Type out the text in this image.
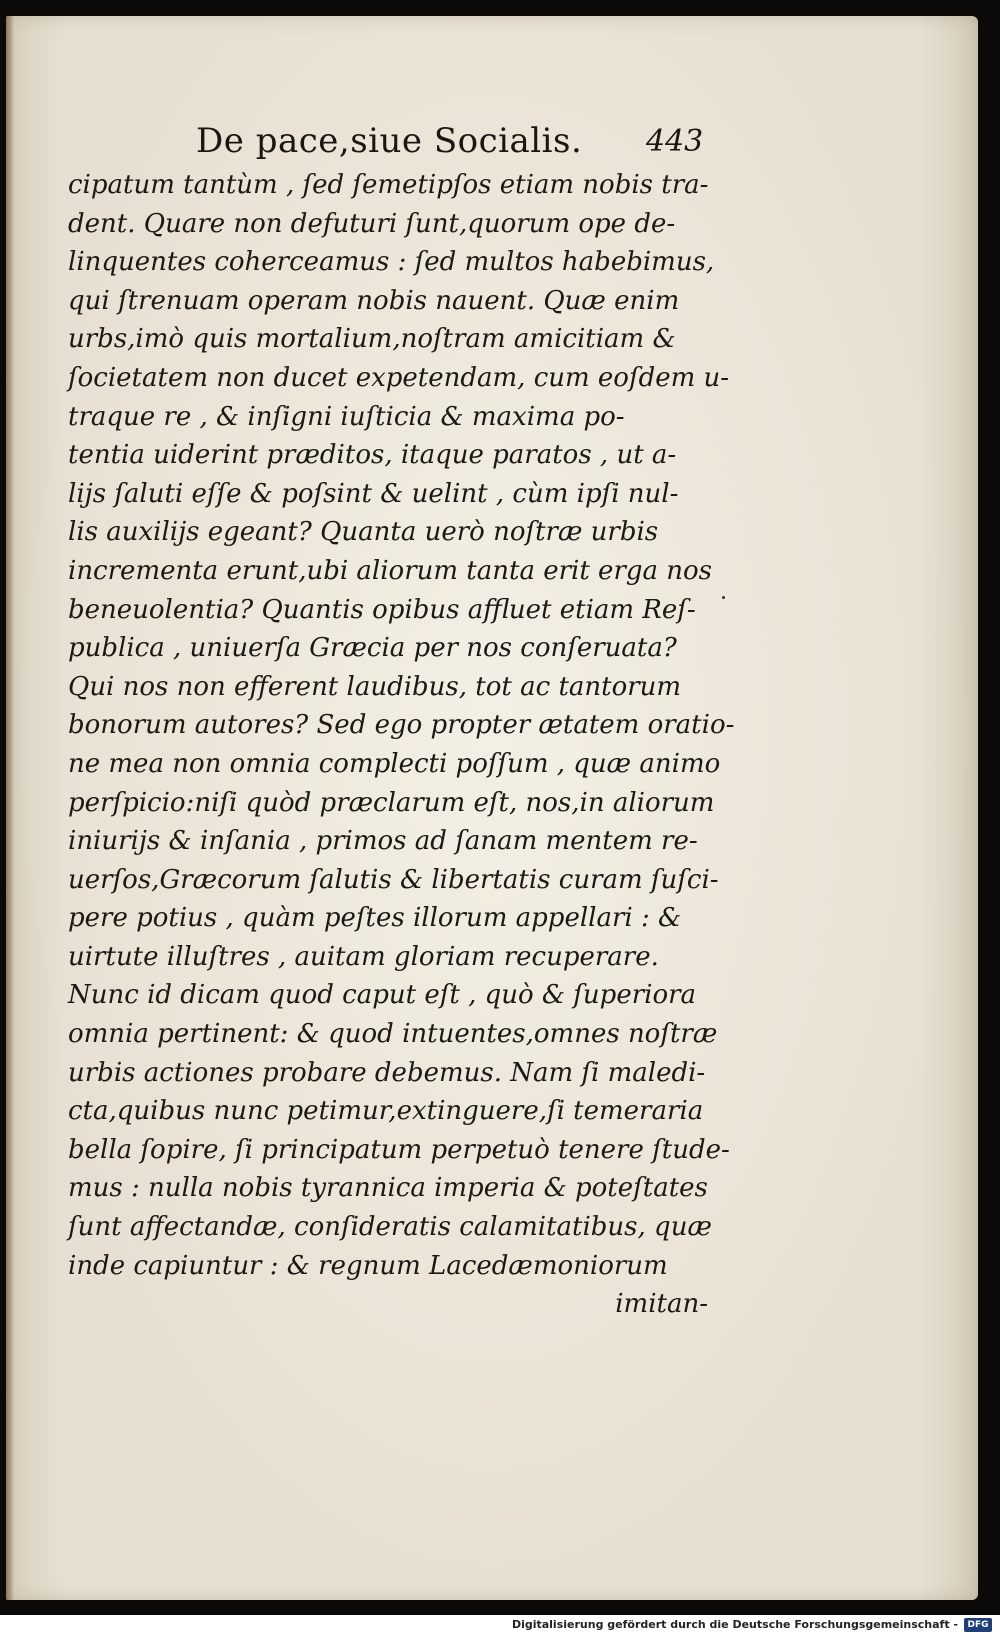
De pace,siue Socialis. 443
cipatum tantùm , ſed ſemetipſos etiam nobis tra-
dent. Quare non defuturi ſunt,quorum ope de-
linquentes coherceamus : ſed multos habebimus,
qui ſtrenuam operam nobis nauent. Quæ enim
urbs,imò quis mortalium,noſtram amicitiam &
ſocietatem non ducet expetendam, cum eoſdem u-
traque re , & inſigni iuſticia & maxima po-
tentia uiderint præditos, itaque paratos , ut a-
lijs ſaluti eſſe & poſsint & uelint , cùm ipſi nul-
lis auxilijs egeant? Quanta uerò noſtræ urbis
incrementa erunt,ubi aliorum tanta erit erga nos
beneuolentia? Quantis opibus affluet etiam Reſ-
publica , uniuerſa Græcia per nos conſeruata?
Qui nos non efferent laudibus, tot ac tantorum
bonorum autores? Sed ego propter ætatem oratio-
ne mea non omnia complecti poſſum , quæ animo
perſpicio:niſi quòd præclarum eſt, nos,in aliorum
iniurijs & inſania , primos ad ſanam mentem re-
uerſos,Græcorum ſalutis & libertatis curam ſuſci-
pere potius , quàm peſtes illorum appellari : &
uirtute illuſtres , auitam gloriam recuperare.
Nunc id dicam quod caput eſt , quò & ſuperiora
omnia pertinent: & quod intuentes,omnes noſtræ
urbis actiones probare debemus. Nam ſi maledi-
cta,quibus nunc petimur,extinguere,ſi temeraria
bella ſopire, ſi principatum perpetuò tenere ſtude-
mus : nulla nobis tyrannica imperia & poteſtates
ſunt affectandæ, conſideratis calamitatibus, quæ
inde capiuntur : & regnum Lacedæmoniorum
imitan-
Digitalisierung gefördert durch die Deutsche Forschungsgemeinschaft -	DFG
